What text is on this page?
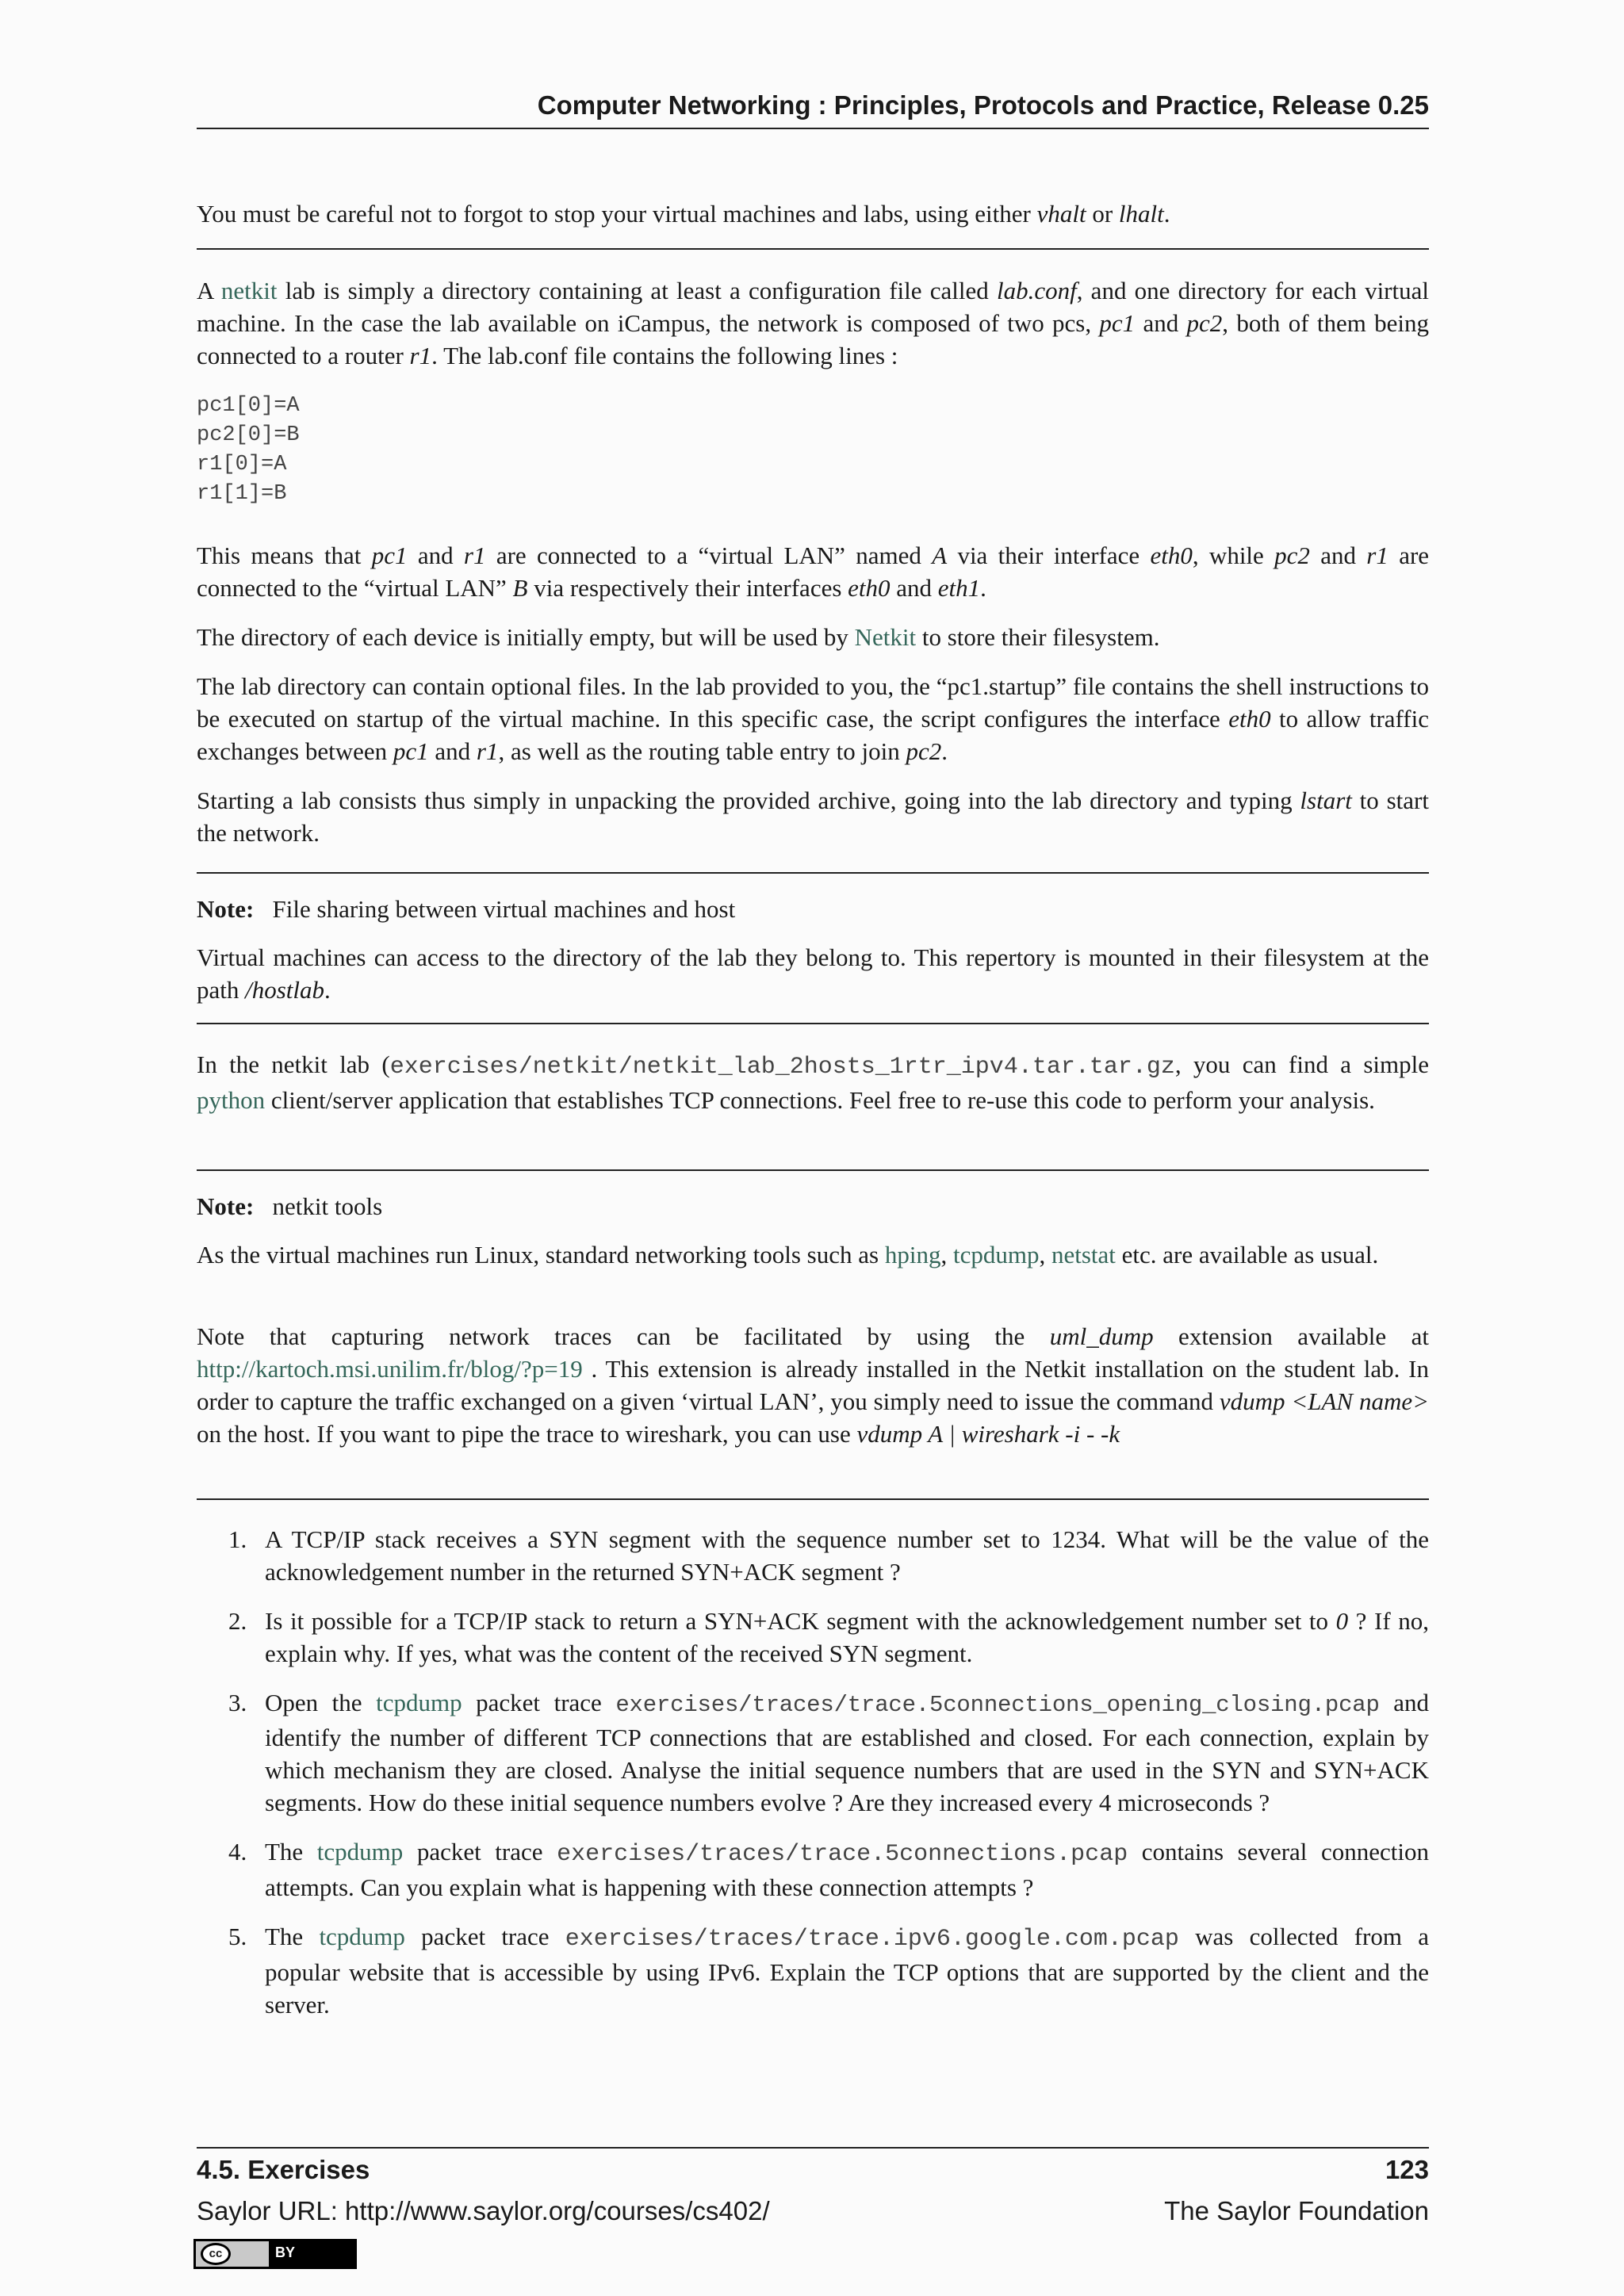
Computer Networking : Principles, Protocols and Practice, Release 0.25

You must be careful not to forgot to stop your virtual machines and labs, using either vhalt or lhalt.

A netkit lab is simply a directory containing at least a configuration file called lab.conf, and one directory for each virtual machine. In the case the lab available on iCampus, the network is composed of two pcs, pc1 and pc2, both of them being connected to a router r1. The lab.conf file contains the following lines :

pc1[0]=A
pc2[0]=B
r1[0]=A
r1[1]=B

This means that pc1 and r1 are connected to a “virtual LAN” named A via their interface eth0, while pc2 and r1 are connected to the “virtual LAN” B via respectively their interfaces eth0 and eth1.

The directory of each device is initially empty, but will be used by Netkit to store their filesystem.

The lab directory can contain optional files. In the lab provided to you, the “pc1.startup” file contains the shell instructions to be executed on startup of the virtual machine. In this specific case, the script configures the interface eth0 to allow traffic exchanges between pc1 and r1, as well as the routing table entry to join pc2.

Starting a lab consists thus simply in unpacking the provided archive, going into the lab directory and typing lstart to start the network.

Note: File sharing between virtual machines and host

Virtual machines can access to the directory of the lab they belong to. This repertory is mounted in their filesystem at the path /hostlab.

In the netkit lab (exercises/netkit/netkit_lab_2hosts_1rtr_ipv4.tar.tar.gz, you can find a simple python client/server application that establishes TCP connections. Feel free to re-use this code to perform your analysis.

Note: netkit tools

As the virtual machines run Linux, standard networking tools such as hping, tcpdump, netstat etc. are available as usual.

Note that capturing network traces can be facilitated by using the uml_dump extension available at http://kartoch.msi.unilim.fr/blog/?p=19 . This extension is already installed in the Netkit installation on the student lab. In order to capture the traffic exchanged on a given ‘virtual LAN’, you simply need to issue the command vdump <LAN name> on the host. If you want to pipe the trace to wireshark, you can use vdump A | wireshark -i - -k

1. A TCP/IP stack receives a SYN segment with the sequence number set to 1234. What will be the value of the acknowledgement number in the returned SYN+ACK segment ?
2. Is it possible for a TCP/IP stack to return a SYN+ACK segment with the acknowledgement number set to 0 ? If no, explain why. If yes, what was the content of the received SYN segment.
3. Open the tcpdump packet trace exercises/traces/trace.5connections_opening_closing.pcap and identify the number of different TCP connections that are established and closed. For each connection, explain by which mechanism they are closed. Analyse the initial sequence numbers that are used in the SYN and SYN+ACK segments. How do these initial sequence numbers evolve ? Are they increased every 4 microseconds ?
4. The tcpdump packet trace exercises/traces/trace.5connections.pcap contains several connection attempts. Can you explain what is happening with these connection attempts ?
5. The tcpdump packet trace exercises/traces/trace.ipv6.google.com.pcap was collected from a popular website that is accessible by using IPv6. Explain the TCP options that are supported by the client and the server.
4.5. Exercises	123
Saylor URL: http://www.saylor.org/courses/cs402/	The Saylor Foundation
cc	BY
